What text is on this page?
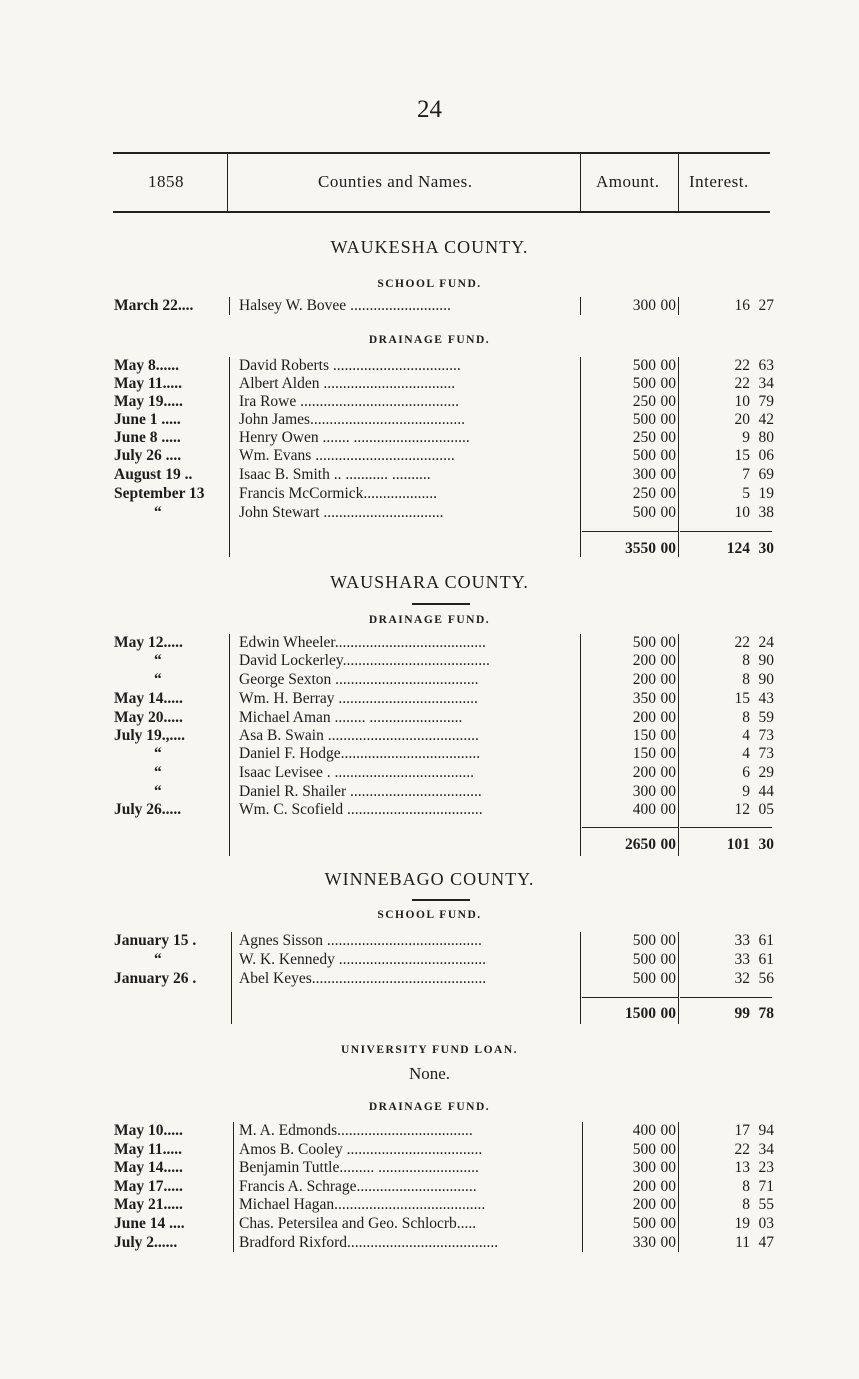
24
1858	Counties and Names.	Amount. Interest.
WAUKESHA COUNTY.
SCHOOL FUND.
March 22....	Halsey W. Bovee ..........................	300 00	16 27
DRAINAGE FUND.
May 8......	David Roberts .................................	500 00	22 63
May 11.....	Albert Alden ..................................	500 00	22 34
May 19.....	Ira Rowe .........................................	250 00	10 79
June 1 .....	John James........................................	500 00	20 42
June 8 .....	Henry Owen ....... ..............................	250 00	9 80
July 26 ....	Wm. Evans ....................................	500 00	15 06
August 19 ..	Isaac B. Smith .. ........... ..........	300 00	7 69
September 13	Francis McCormick...................	250 00	5 19
“	John Stewart ...............................	500 00	10 38
3550 00	124 30
WAUSHARA COUNTY.
DRAINAGE FUND.
May 12.....	Edwin Wheeler.......................................	500 00	22 24
“	David Lockerley......................................	200 00	8 90
“	George Sexton .....................................	200 00	8 90
May 14.....	Wm. H. Berray ....................................	350 00	15 43
May 20.....	Michael Aman ........ ........................	200 00	8 59
July 19.,....	Asa B. Swain .......................................	150 00	4 73
“	Daniel F. Hodge....................................	150 00	4 73
“	Isaac Levisee . ....................................	200 00	6 29
“	Daniel R. Shailer ..................................	300 00	9 44
July 26.....	Wm. C. Scofield ...................................	400 00	12 05
2650 00	101 30
WINNEBAGO COUNTY.
SCHOOL FUND.
January 15 .	Agnes Sisson ........................................	500 00	33 61
“	W. K. Kennedy ......................................	500 00	33 61
January 26 .	Abel Keyes.............................................	500 00	32 56
1500 00	99 78
UNIVERSITY FUND LOAN.
None.
DRAINAGE FUND.
May 10.....	M. A. Edmonds...................................	400 00	17 94
May 11.....	Amos B. Cooley ...................................	500 00	22 34
May 14.....	Benjamin Tuttle......... ..........................	300 00	13 23
May 17.....	Francis A. Schrage...............................	200 00	8 71
May 21.....	Michael Hagan.......................................	200 00	8 55
June 14 ....	Chas. Petersilea and Geo. Schlocrb.....	500 00	19 03
July 2......	Bradford Rixford.......................................	330 00	11 47
